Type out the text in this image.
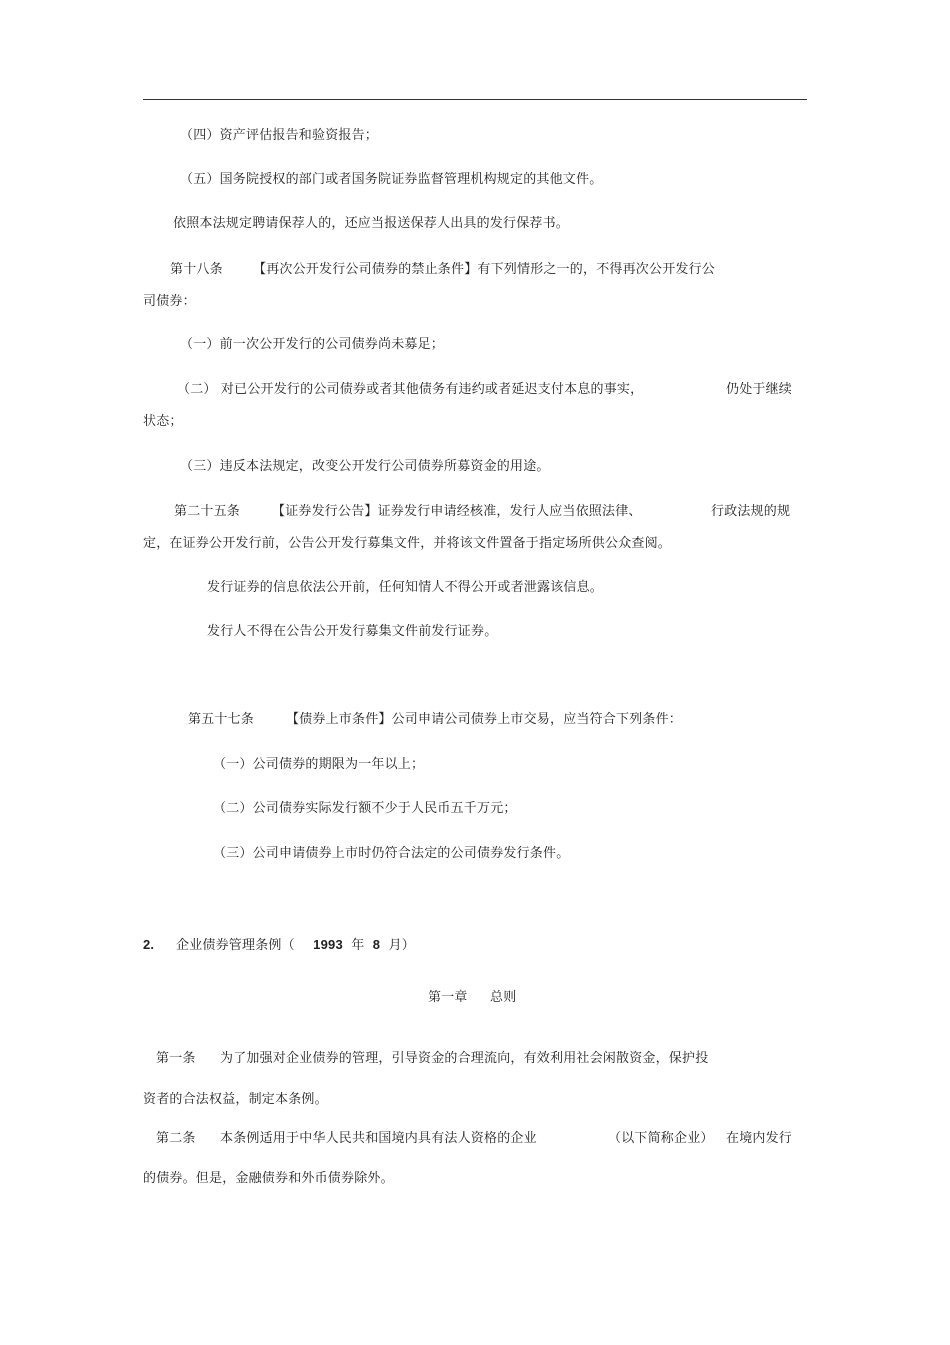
（四）资产评估报告和验资报告；
（五）国务院授权的部门或者国务院证券监督管理机构规定的其他文件。
依照本法规定聘请保荐人的，还应当报送保荐人出具的发行保荐书。
第十八条 【再次公开发行公司债券的禁止条件】有下列情形之一的，不得再次公开发行公
司债券：
（一）前一次公开发行的公司债券尚未募足；
（二） 对已公开发行的公司债券或者其他债务有违约或者延迟支付本息的事实，	仍处于继续
状态；
（三）违反本法规定，改变公开发行公司债券所募资金的用途。
第二十五条 【证券发行公告】证券发行申请经核准，发行人应当依照法律、	行政法规的规
定，在证券公开发行前，公告公开发行募集文件，并将该文件置备于指定场所供公众查阅。
发行证券的信息依法公开前，任何知情人不得公开或者泄露该信息。
发行人不得在公告公开发行募集文件前发行证券。
第五十七条 【债券上市条件】公司申请公司债券上市交易，应当符合下列条件：
（一）公司债券的期限为一年以上；
（二）公司债券实际发行额不少于人民币五千万元；
（三）公司申请债券上市时仍符合法定的公司债券发行条件。
2. 企业债券管理条例（ 1993 年 8 月）
第一章 总则
第一条 为了加强对企业债券的管理，引导资金的合理流向，有效利用社会闲散资金，保护投
资者的合法权益，制定本条例。
第二条 本条例适用于中华人民共和国境内具有法人资格的企业	（以下简称企业） 在境内发行
的债券。但是，金融债券和外币债券除外。
